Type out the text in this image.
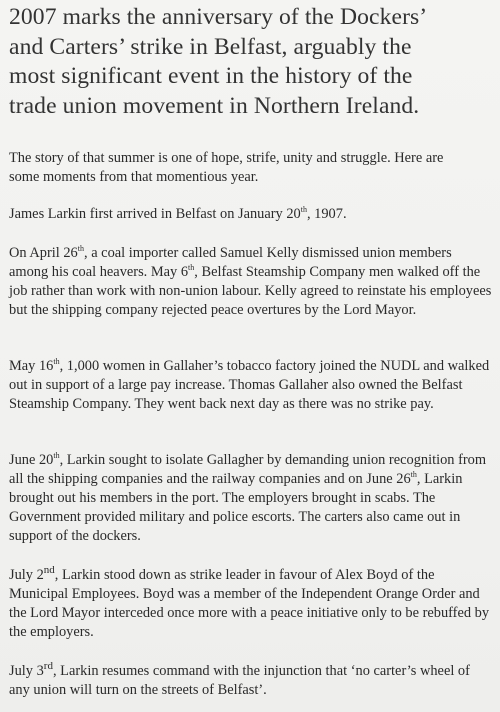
2007 marks the anniversary of the Dockers’
and Carters’ strike in Belfast, arguably the
most significant event in the history of the
trade union movement in Northern Ireland.

The story of that summer is one of hope, strife, unity and struggle. Here are
some moments from that momentious year.

James Larkin first arrived in Belfast on January 20th, 1907.

On April 26th, a coal importer called Samuel Kelly dismissed union members among his coal heavers. May 6th, Belfast Steamship Company men walked off the job rather than work with non-union labour. Kelly agreed to reinstate his employees but the shipping company rejected peace overtures by the Lord Mayor.

May 16th, 1,000 women in Gallaher’s tobacco factory joined the NUDL and walked out in support of a large pay increase. Thomas Gallaher also owned the Belfast Steamship Company. They went back next day as there was no strike pay.

June 20th, Larkin sought to isolate Gallagher by demanding union recognition from all the shipping companies and the railway companies and on June 26th, Larkin brought out his members in the port. The employers brought in scabs. The Government provided military and police escorts. The carters also came out in support of the dockers.

July 2nd, Larkin stood down as strike leader in favour of Alex Boyd of the Municipal Employees. Boyd was a member of the Independent Orange Order and the Lord Mayor interceded once more with a peace initiative only to be rebuffed by the employers.

July 3rd, Larkin resumes command with the injunction that ‘no carter’s wheel of any union will turn on the streets of Belfast’.
